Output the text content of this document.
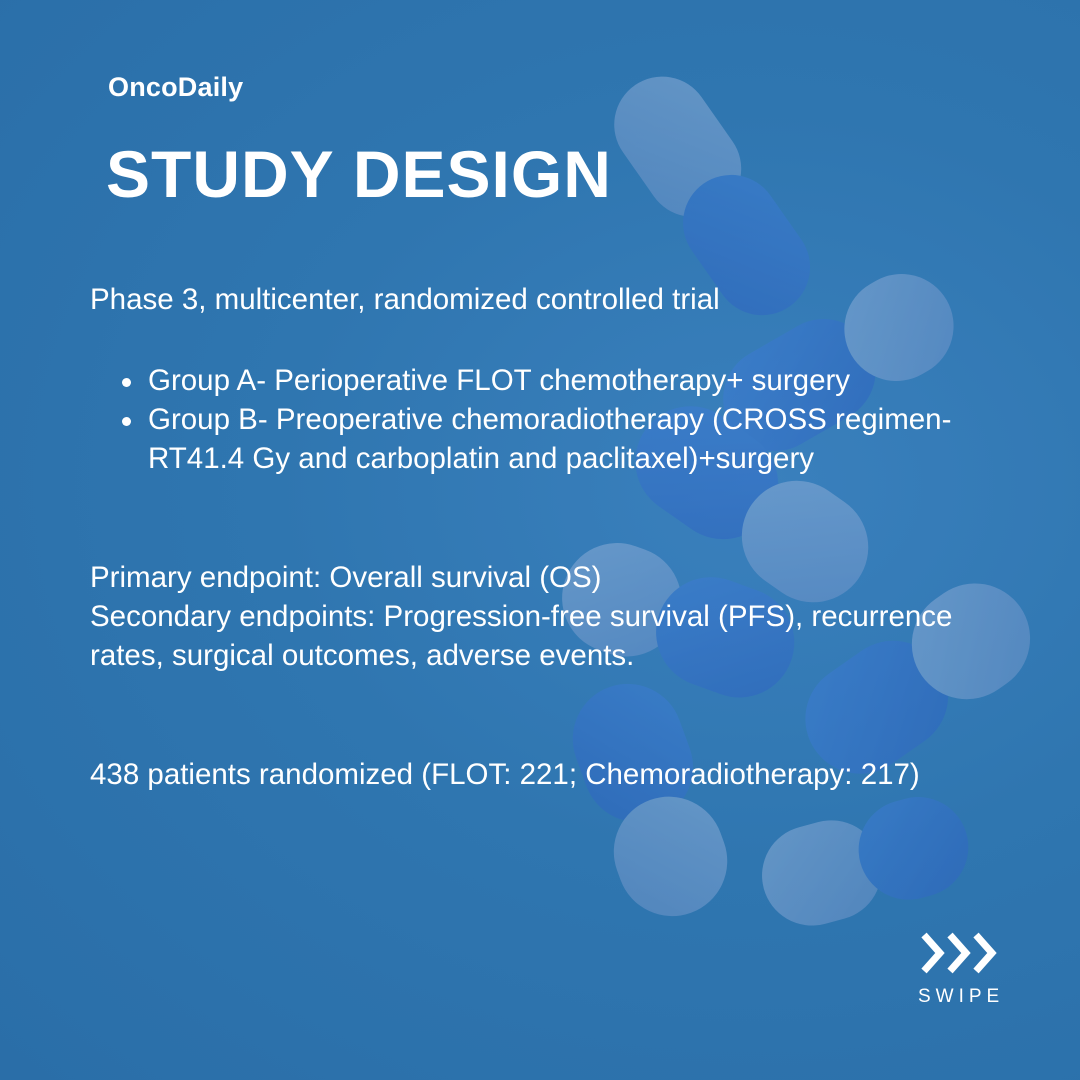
OncoDaily
STUDY DESIGN

Phase 3, multicenter, randomized controlled trial

Group A- Perioperative FLOT chemotherapy+ surgery
Group B- Preoperative chemoradiotherapy (CROSS regimen- RT41.4 Gy and carboplatin and paclitaxel)+surgery

Primary endpoint: Overall survival (OS)

Secondary endpoints: Progression-free survival (PFS), recurrence rates, surgical outcomes, adverse events.

438 patients randomized (FLOT: 221; Chemoradiotherapy: 217)

SWIPE
